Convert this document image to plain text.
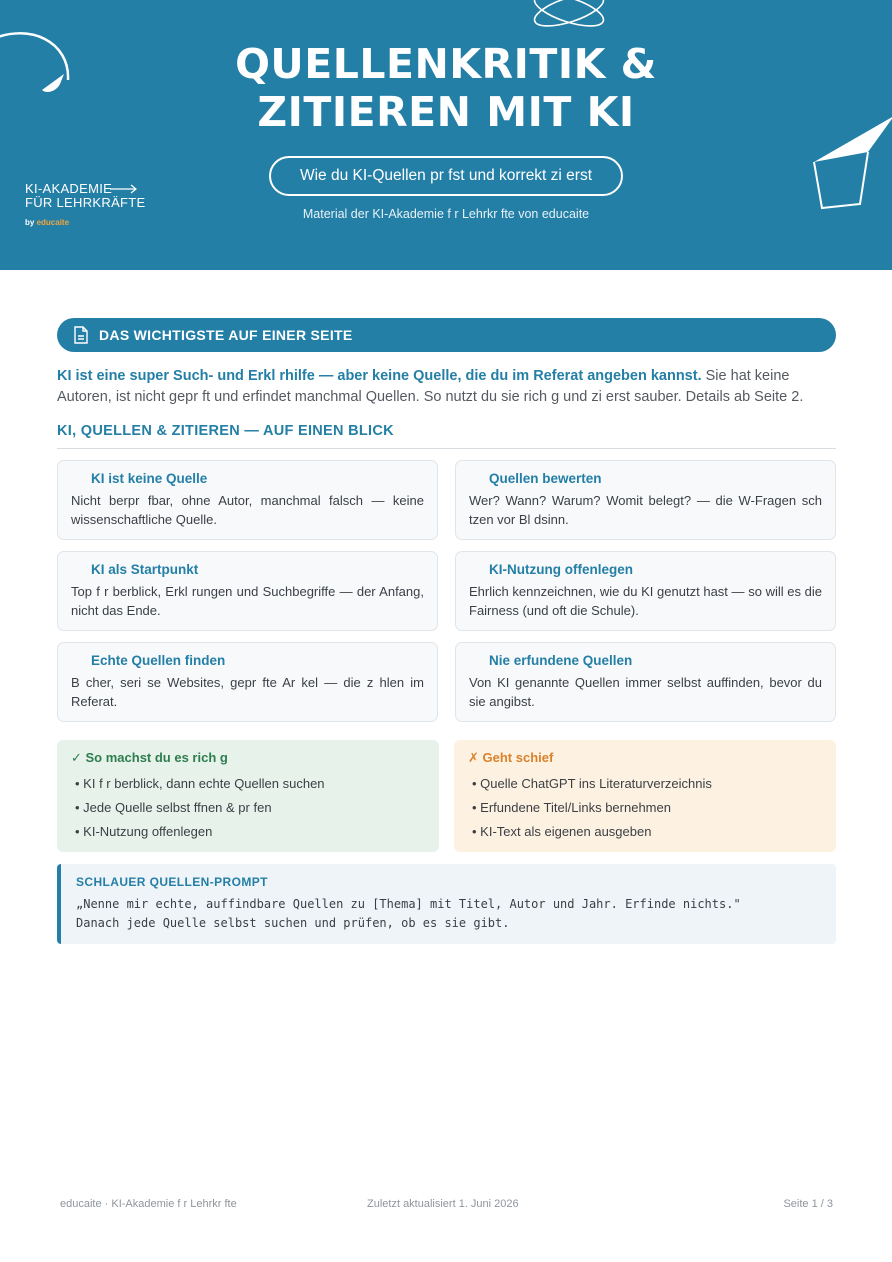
QUELLENKRITIK &
ZITIEREN MIT KI
Wie du KI-Quellen pr fst und korrekt zi erst
Material der KI-Akademie f r Lehrkr fte von educaite
KI-AKADEMIE
FÜR LEHRKRÄFTE
by educaite
DAS WICHTIGSTE AUF EINER SEITE

KI ist eine super Such- und Erkl rhilfe — aber keine Quelle, die du im Referat angeben kannst. Sie hat keine Autoren, ist nicht gepr ft und erfindet manchmal Quellen. So nutzt du sie rich g und zi erst sauber. Details ab Seite 2.

KI, QUELLEN & ZITIEREN — AUF EINEN BLICK
KI ist keine Quelle
Nicht berpr fbar, ohne Autor, manchmal falsch — keine wissenschaftliche Quelle.
Quellen bewerten
Wer? Wann? Warum? Womit belegt? — die W-Fragen sch tzen vor Bl dsinn.
KI als Startpunkt
Top f r berblick, Erkl rungen und Suchbegriffe — der Anfang, nicht das Ende.
KI-Nutzung offenlegen
Ehrlich kennzeichnen, wie du KI genutzt hast — so will es die Fairness (und oft die Schule).
Echte Quellen finden
B cher, seri se Websites, gepr fte Ar kel — die z hlen im Referat.
Nie erfundene Quellen
Von KI genannte Quellen immer selbst auffinden, bevor du sie angibst.
✓ So machst du es rich g
• KI f r berblick, dann echte Quellen suchen
• Jede Quelle selbst ffnen & pr fen
• KI-Nutzung offenlegen
✗ Geht schief
• Quelle ChatGPT ins Literaturverzeichnis
• Erfundene Titel/Links bernehmen
• KI-Text als eigenen ausgeben
SCHLAUER QUELLEN-PROMPT
„Nenne mir echte, auffindbare Quellen zu [Thema] mit Titel, Autor und Jahr. Erfinde nichts."
Danach jede Quelle selbst suchen und prüfen, ob es sie gibt.
educaite · KI-Akademie f r Lehrkr fte	Zuletzt aktualisiert 1. Juni 2026	Seite 1 / 3
